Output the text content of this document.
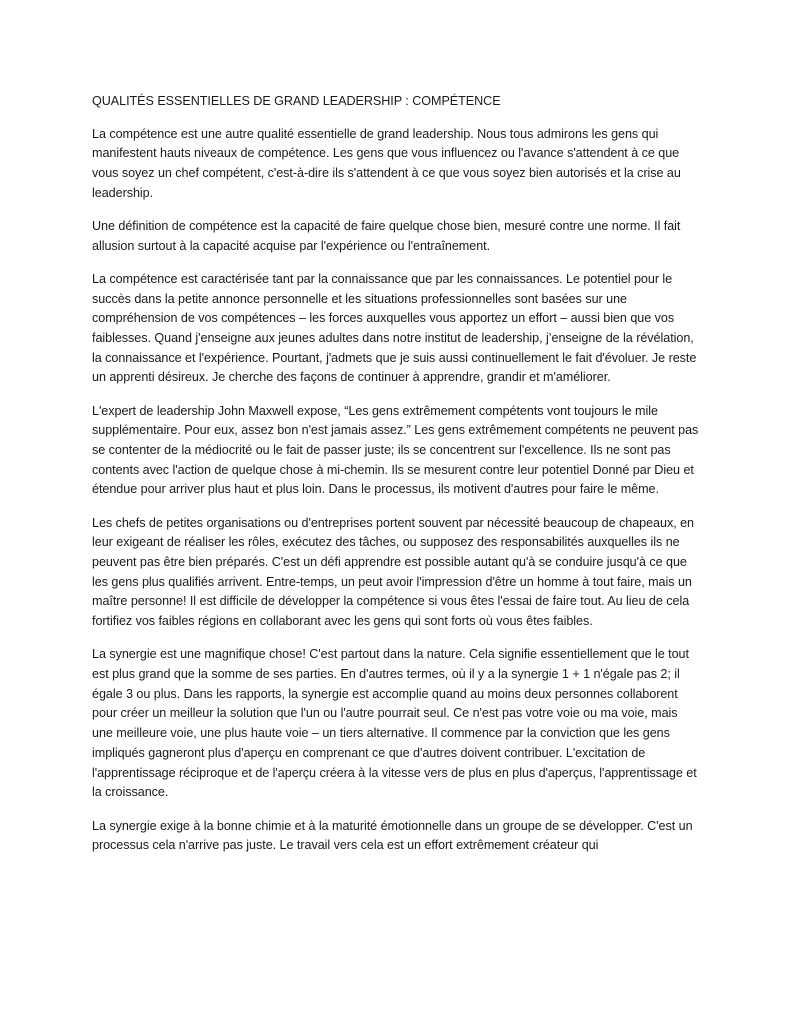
QUALITÉS ESSENTIELLES DE GRAND LEADERSHIP : COMPÉTENCE

La compétence est une autre qualité essentielle de grand leadership. Nous tous admirons les gens qui manifestent hauts niveaux de compétence. Les gens que vous influencez ou l'avance s'attendent à ce que vous soyez un chef compétent, c'est-à-dire ils s'attendent à ce que vous soyez bien autorisés et la crise au leadership.

Une définition de compétence est la capacité de faire quelque chose bien, mesuré contre une norme. Il fait allusion surtout à la capacité acquise par l'expérience ou l'entraînement.

La compétence est caractérisée tant par la connaissance que par les connaissances. Le potentiel pour le succès dans la petite annonce personnelle et les situations professionnelles sont basées sur une compréhension de vos compétences – les forces auxquelles vous apportez un effort – aussi bien que vos faiblesses. Quand j'enseigne aux jeunes adultes dans notre institut de leadership, j’enseigne de la révélation, la connaissance et l'expérience. Pourtant, j'admets que je suis aussi continuellement le fait d'évoluer. Je reste un apprenti désireux. Je cherche des façons de continuer à apprendre, grandir et m'améliorer.

L'expert de leadership John Maxwell expose, “Les gens extrêmement compétents vont toujours le mile supplémentaire. Pour eux, assez bon n'est jamais assez.” Les gens extrêmement compétents ne peuvent pas se contenter de la médiocrité ou le fait de passer juste; ils se concentrent sur l'excellence. Ils ne sont pas contents avec l'action de quelque chose à mi-chemin. Ils se mesurent contre leur potentiel Donné par Dieu et étendue pour arriver plus haut et plus loin. Dans le processus, ils motivent d'autres pour faire le même.

Les chefs de petites organisations ou d'entreprises portent souvent par nécessité beaucoup de chapeaux, en leur exigeant de réaliser les rôles, exécutez des tâches, ou supposez des responsabilités auxquelles ils ne peuvent pas être bien préparés. C'est un défi apprendre est possible autant qu'à se conduire jusqu'à ce que les gens plus qualifiés arrivent. Entre-temps, un peut avoir l'impression d'être un homme à tout faire, mais un maître personne! Il est difficile de développer la compétence si vous êtes l'essai de faire tout. Au lieu de cela fortifiez vos faibles régions en collaborant avec les gens qui sont forts où vous êtes faibles.

La synergie est une magnifique chose! C'est partout dans la nature. Cela signifie essentiellement que le tout est plus grand que la somme de ses parties. En d'autres termes, où il y a la synergie 1 + 1 n'égale pas 2; il égale 3 ou plus. Dans les rapports, la synergie est accomplie quand au moins deux personnes collaborent pour créer un meilleur la solution que l'un ou l'autre pourrait seul. Ce n'est pas votre voie ou ma voie, mais une meilleure voie, une plus haute voie – un tiers alternative. Il commence par la conviction que les gens impliqués gagneront plus d'aperçu en comprenant ce que d'autres doivent contribuer. L'excitation de l'apprentissage réciproque et de l'aperçu créera à la vitesse vers de plus en plus d'aperçus, l'apprentissage et la croissance.

La synergie exige à la bonne chimie et à la maturité émotionnelle dans un groupe de se développer. C'est un processus cela n'arrive pas juste. Le travail vers cela est un effort extrêmement créateur qui
